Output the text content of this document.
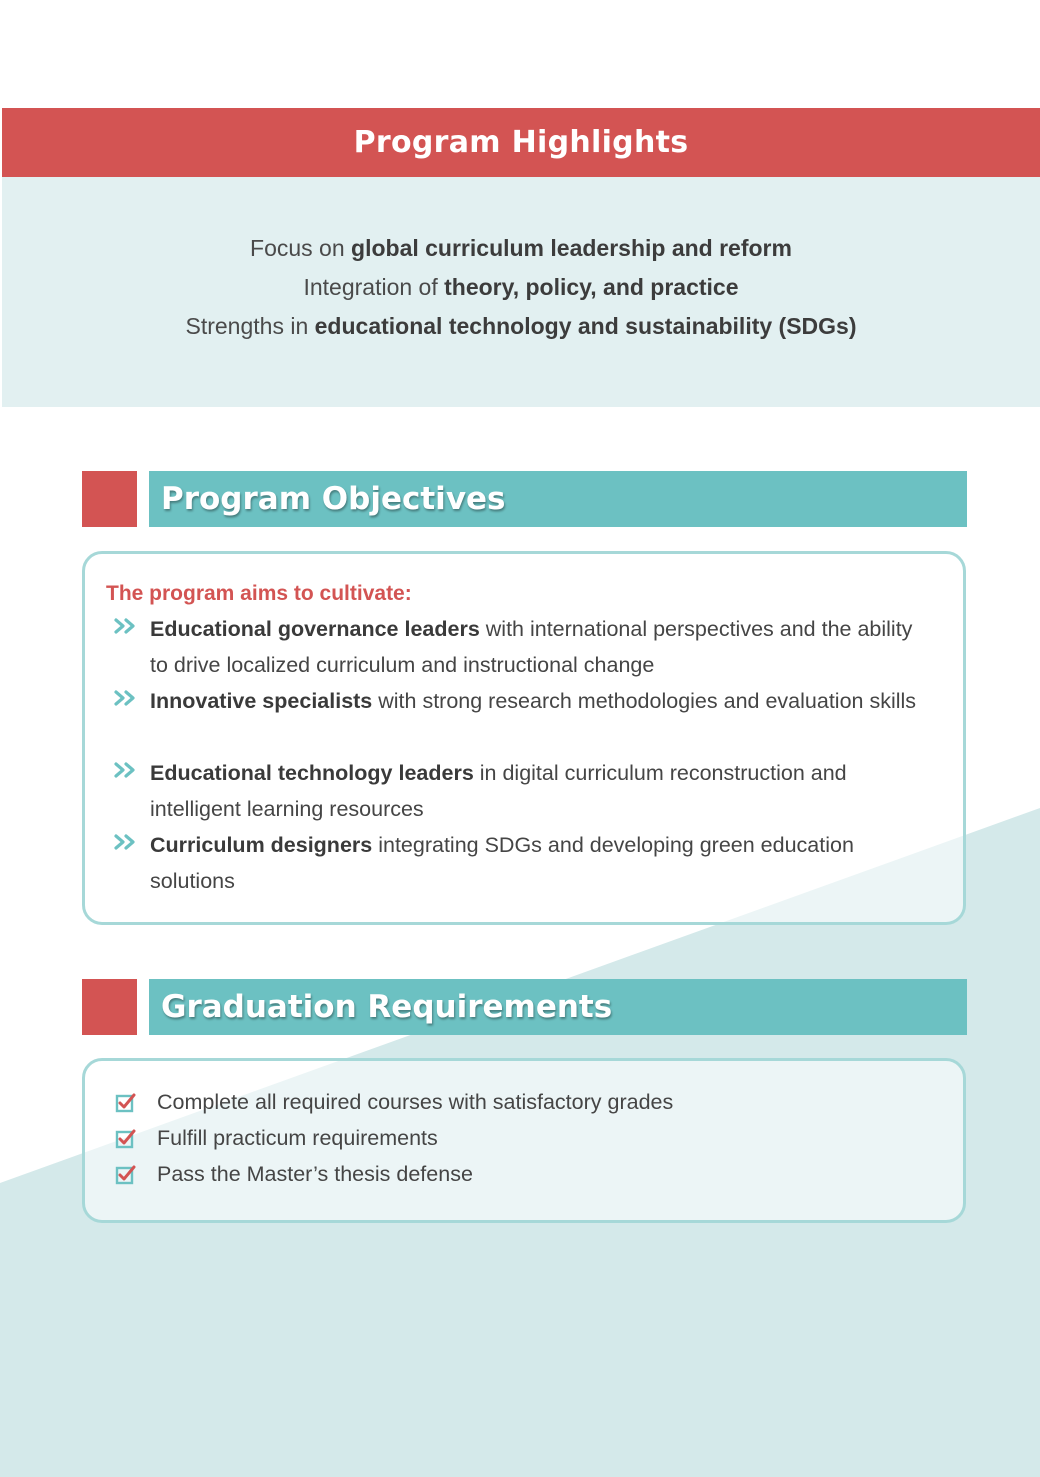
Program Highlights
Focus on global curriculum leadership and reform
Integration of theory, policy, and practice
Strengths in educational technology and sustainability (SDGs)
Program Objectives
The program aims to cultivate:
Educational governance leaders with international perspectives and the ability to drive localized curriculum and instructional change
Innovative specialists with strong research methodologies and evaluation skills
Educational technology leaders in digital curriculum reconstruction and intelligent learning resources
Curriculum designers integrating SDGs and developing green education solutions
Graduation Requirements
Complete all required courses with satisfactory grades
Fulfill practicum requirements
Pass the Master’s thesis defense
